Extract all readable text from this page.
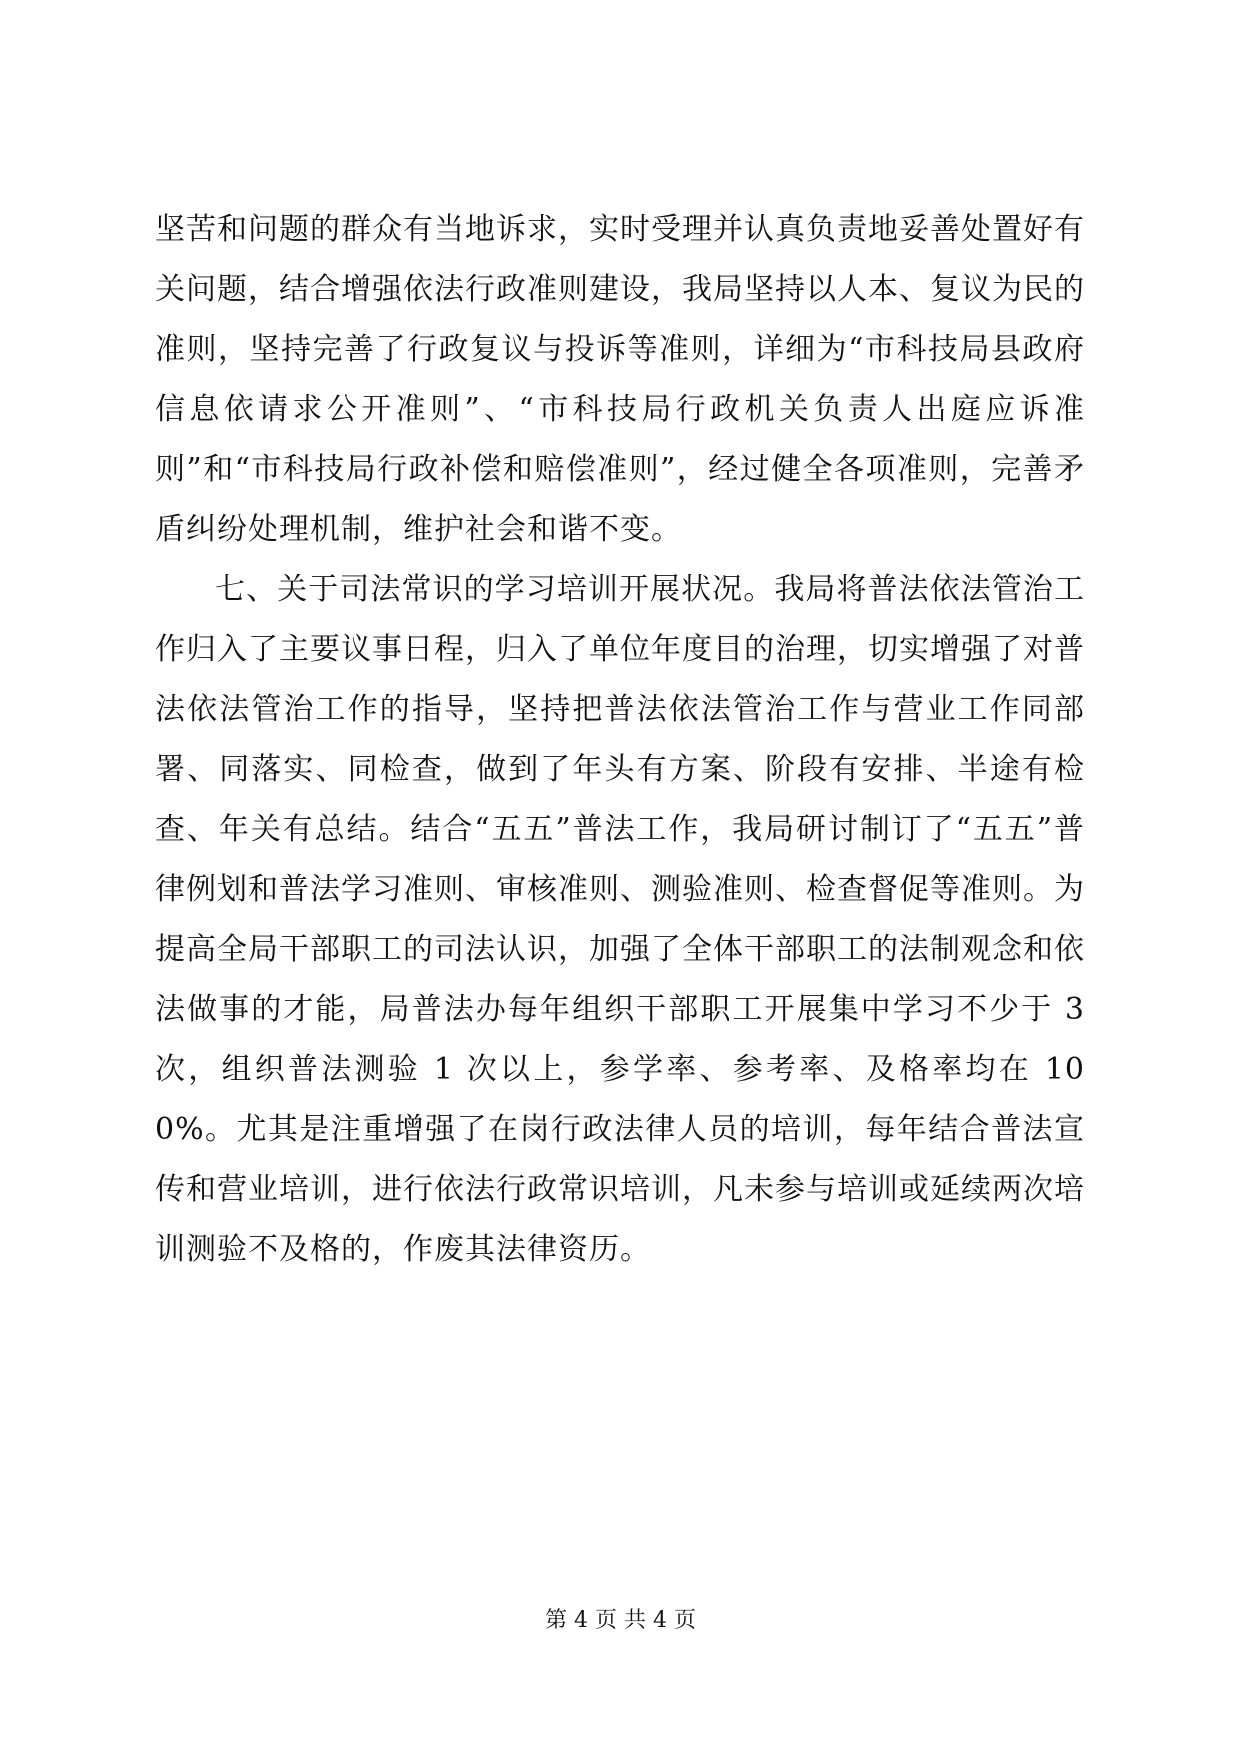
坚苦和问题的群众有当地诉求，实时受理并认真负责地妥善处置好有关问题，结合增强依法行政准则建设，我局坚持以人本、复议为民的准则，坚持完善了行政复议与投诉等准则，详细为“市科技局县政府信息依请求公开准则”、“市科技局行政机关负责人出庭应诉准则”和“市科技局行政补偿和赔偿准则”，经过健全各项准则，完善矛盾纠纷处理机制，维护社会和谐不变。

七、关于司法常识的学习培训开展状况。我局将普法依法管治工作归入了主要议事日程，归入了单位年度目的治理，切实增强了对普法依法管治工作的指导，坚持把普法依法管治工作与营业工作同部署、同落实、同检查，做到了年头有方案、阶段有安排、半途有检查、年关有总结。结合“五五”普法工作，我局研讨制订了“五五”普律例划和普法学习准则、审核准则、测验准则、检查督促等准则。为提高全局干部职工的司法认识，加强了全体干部职工的法制观念和依法做事的才能，局普法办每年组织干部职工开展集中学习不少于 3 次，组织普法测验 1 次以上，参学率、参考率、及格率均在 100%。尤其是注重增强了在岗行政法律人员的培训，每年结合普法宣传和营业培训，进行依法行政常识培训，凡未参与培训或延续两次培训测验不及格的，作废其法律资历。

第 4 页 共 4 页
